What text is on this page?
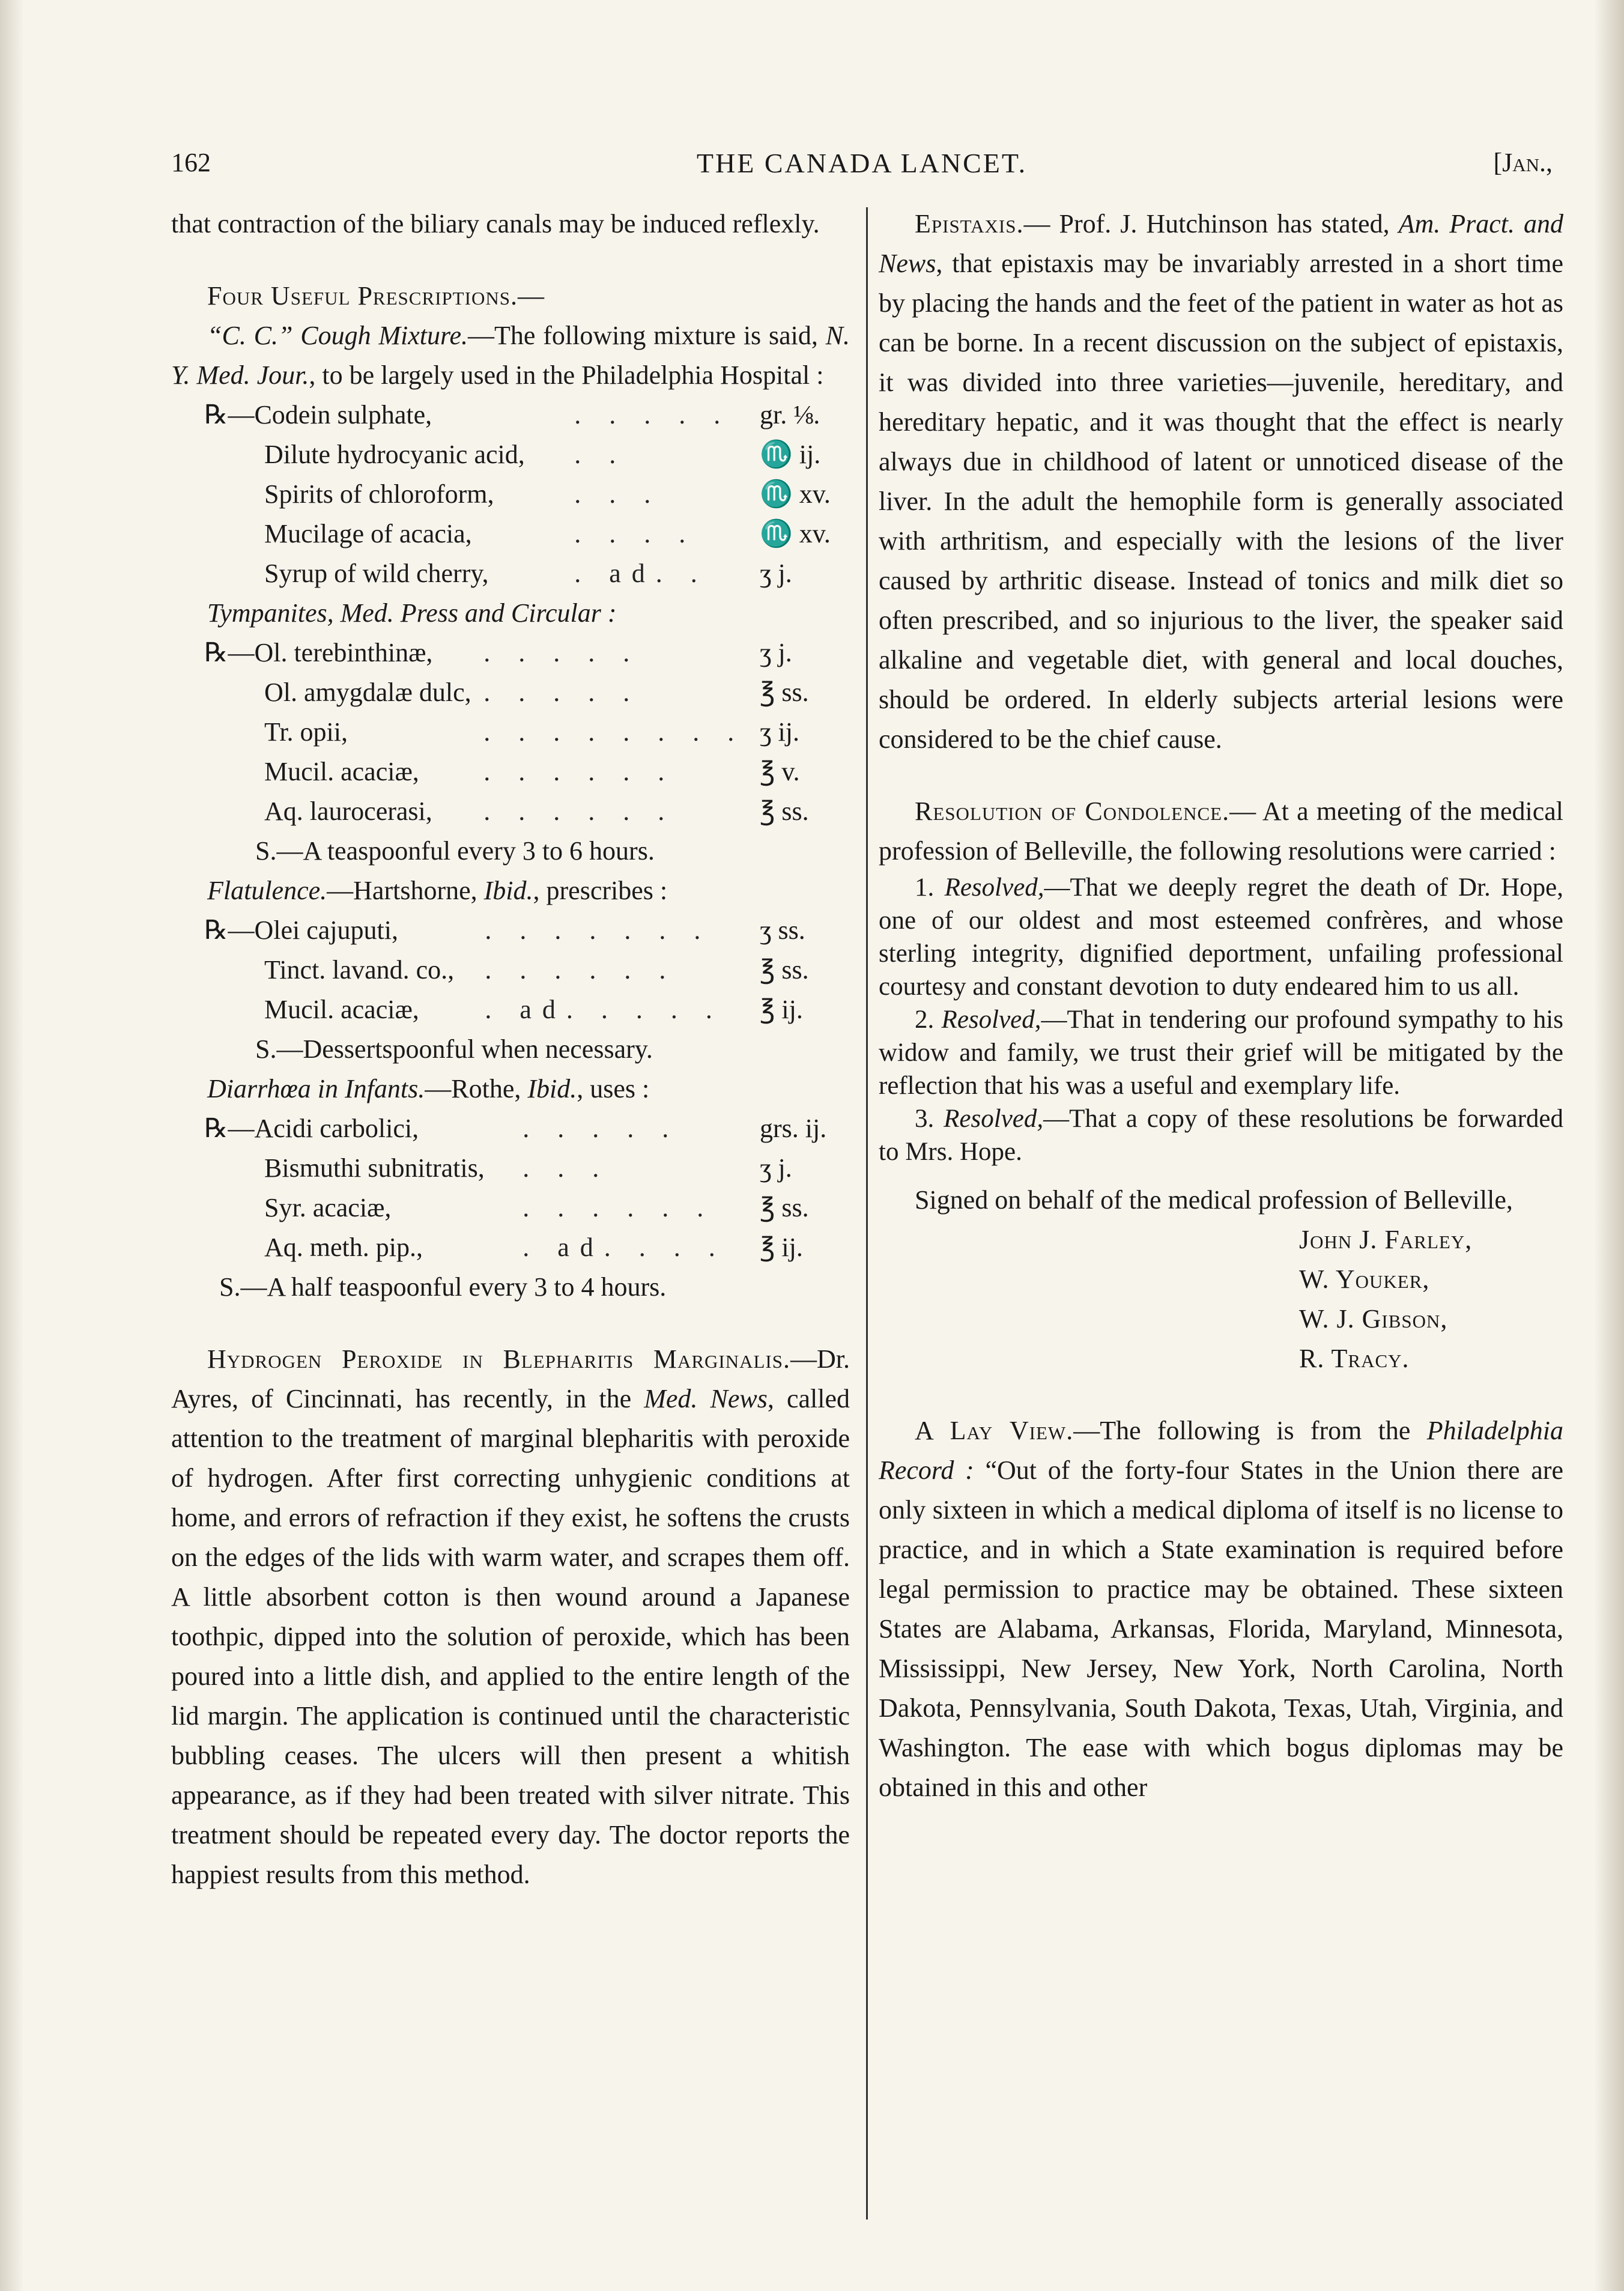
162	THE CANADA LANCET.	[Jan.,

that contraction of the biliary canals may be induced reflexly.

Four Useful Prescriptions.—

“C. C.” Cough Mixture.—The following mixture is said, N. Y. Med. Jour., to be largely used in the Philadelphia Hospital :

℞—	Codein sulphate,	. . . . .	gr. ⅛.
Dilute hydrocyanic acid,		. .	♏ ij.
Spirits of chloroform,		. . .	♏ xv.
Mucilage of acacia,		. . . .	♏ xv.
Syrup of wild cherry,		. ad. .	ʒ j.

Tympanites, Med. Press and Circular :

℞—	Ol. terebinthinæ,	. . . . .	ʒ j.
Ol. amygdalæ dulc,		. . . . .	℥ ss.
Tr. opii,		. . . . . . . .	ʒ ij.
Mucil. acaciæ,		. . . . . .	℥ v.
Aq. laurocerasi,		. . . . . .	℥ ss.

S.—A teaspoonful every 3 to 6 hours.

Flatulence.—Hartshorne, Ibid., prescribes :

℞—	Olei cajuputi,	. . . . . . .	ʒ ss.
Tinct. lavand. co.,		. . . . . .	℥ ss.
Mucil. acaciæ,		. ad. . . . .	℥ ij.

S.—Dessertspoonful when necessary.

Diarrhœa in Infants.—Rothe, Ibid., uses :

℞—	Acidi carbolici,	. . . . .	grs. ij.
Bismuthi subnitratis,		. . .	ʒ j.
Syr. acaciæ,		. . . . . .	℥ ss.
Aq. meth. pip.,		. ad. . . .	℥ ij.

S.—A half teaspoonful every 3 to 4 hours.

Hydrogen Peroxide in Blepharitis Marginalis.—Dr. Ayres, of Cincinnati, has recently, in the Med. News, called attention to the treatment of marginal blepharitis with peroxide of hydrogen. After first correcting unhygienic conditions at home, and errors of refraction if they exist, he softens the crusts on the edges of the lids with warm water, and scrapes them off. A little absorbent cotton is then wound around a Japanese toothpic, dipped into the solution of peroxide, which has been poured into a little dish, and applied to the entire length of the lid margin. The application is continued until the characteristic bubbling ceases. The ulcers will then present a whitish appearance, as if they had been treated with silver nitrate. This treatment should be repeated every day. The doctor reports the happiest results from this method.

Epistaxis.— Prof. J. Hutchinson has stated, Am. Pract. and News, that epistaxis may be invariably arrested in a short time by placing the hands and the feet of the patient in water as hot as can be borne. In a recent discussion on the subject of epistaxis, it was divided into three varieties—juvenile, hereditary, and hereditary hepatic, and it was thought that the effect is nearly always due in childhood of latent or unnoticed disease of the liver. In the adult the hemophile form is generally associated with arthritism, and especially with the lesions of the liver caused by arthritic disease. Instead of tonics and milk diet so often prescribed, and so injurious to the liver, the speaker said alkaline and vegetable diet, with general and local douches, should be ordered. In elderly subjects arterial lesions were considered to be the chief cause.

Resolution of Condolence.— At a meeting of the medical profession of Belleville, the following resolutions were carried :

1. Resolved,—That we deeply regret the death of Dr. Hope, one of our oldest and most esteemed confrères, and whose sterling integrity, dignified deportment, unfailing professional courtesy and constant devotion to duty endeared him to us all.

2. Resolved,—That in tendering our profound sympathy to his widow and family, we trust their grief will be mitigated by the reflection that his was a useful and exemplary life.

3. Resolved,—That a copy of these resolutions be forwarded to Mrs. Hope.

Signed on behalf of the medical profession of Belleville,

John J. Farley,
W. Youker,
W. J. Gibson,
R. Tracy.

A Lay View.—The following is from the Philadelphia Record : “Out of the forty-four States in the Union there are only sixteen in which a medical diploma of itself is no license to practice, and in which a State examination is required before legal permission to practice may be obtained. These sixteen States are Alabama, Arkansas, Florida, Maryland, Minnesota, Mississippi, New Jersey, New York, North Carolina, North Dakota, Pennsylvania, South Dakota, Texas, Utah, Virginia, and Washington. The ease with which bogus diplomas may be obtained in this and other
